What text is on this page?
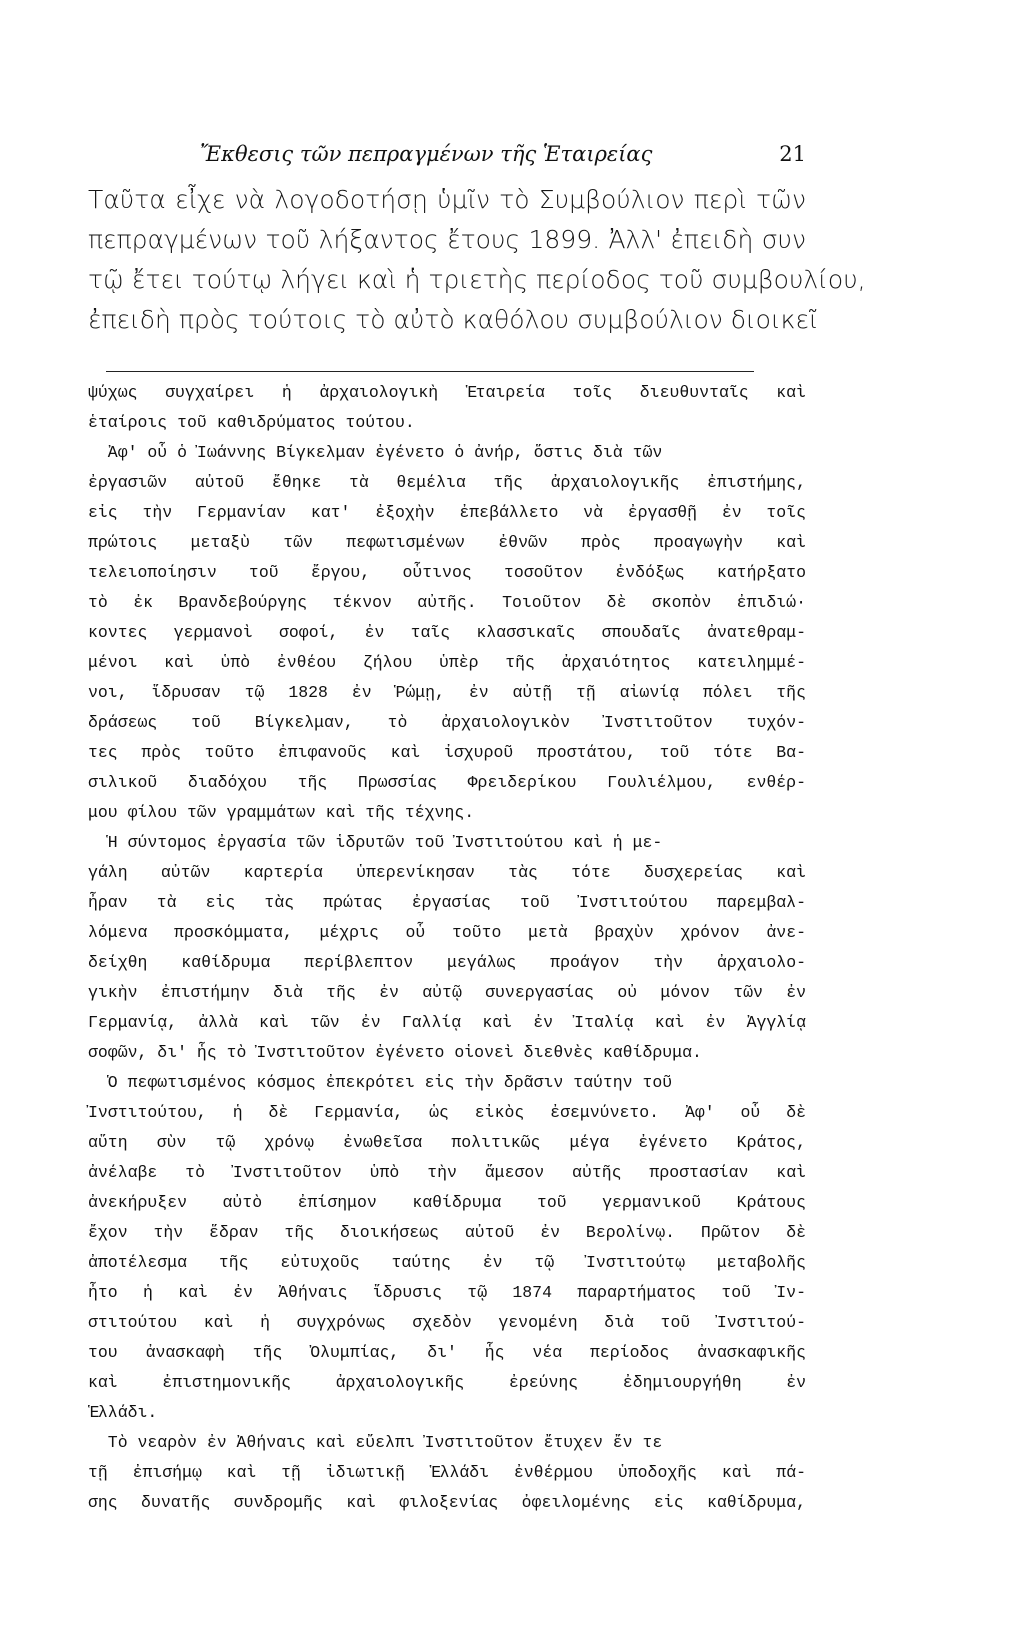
Ἔκθεσις τῶν πεπραγμένων τῆς Ἑταιρείας	21
Ταῦτα εἶχε νὰ λογοδοτήσῃ ὑμῖν τὸ Συμβούλιον περὶ τῶν
πεπραγμένων τοῦ λήξαντος ἔτους 1899. Ἀλλ' ἐπειδὴ συν
τῷ ἔτει τούτῳ λήγει καὶ ἡ τριετὴς περίοδος τοῦ συμβουλίου,
ἐπειδὴ πρὸς τούτοις τὸ αὐτὸ καθόλου συμβούλιον διοικεῖ
ψύχως συγχαίρει ἡ ἀρχαιολογικὴ Ἑταιρεία τοῖς διευθυνταῖς καὶ
ἑταίροις τοῦ καθιδρύματος τούτου.
Ἀφ' οὗ ὁ Ἰωάννης Βίγκελμαν ἐγένετο ὁ ἀνήρ, ὅστις διὰ τῶν
ἐργασιῶν αὐτοῦ ἔθηκε τὰ θεμέλια τῆς ἀρχαιολογικῆς ἐπιστήμης,
εἰς τὴν Γερμανίαν κατ' ἐξοχὴν ἐπεβάλλετο νὰ ἐργασθῇ ἐν τοῖς
πρώτοις μεταξὺ τῶν πεφωτισμένων ἐθνῶν πρὸς προαγωγὴν καὶ
τελειοποίησιν τοῦ ἔργου, οὗτινος τοσοῦτον ἐνδόξως κατήρξατο
τὸ ἐκ Βρανδεβούργης τέκνον αὐτῆς. Τοιοῦτον δὲ σκοπὸν ἐπιδιώ·
κοντες γερμανοὶ σοφοί, ἐν ταῖς κλασσικαῖς σπουδαῖς ἀνατεθραμ-
μένοι καὶ ὑπὸ ἐνθέου ζήλου ὑπὲρ τῆς ἀρχαιότητος κατειλημμέ-
νοι, ἵδρυσαν τῷ 1828 ἐν Ῥώμῃ, ἐν αὐτῇ τῇ αἰωνίᾳ πόλει τῆς
δράσεως τοῦ Βίγκελμαν, τὸ ἀρχαιολογικὸν Ἰνστιτοῦτον τυχόν-
τες πρὸς τοῦτο ἐπιφανοῦς καὶ ἰσχυροῦ προστάτου, τοῦ τότε Βα-
σιλικοῦ διαδόχου τῆς Πρωσσίας Φρειδερίκου Γουλιέλμου, ενθέρ-
μου φίλου τῶν γραμμάτων καὶ τῆς τέχνης.
Ἡ σύντομος ἐργασία τῶν ἱδρυτῶν τοῦ Ἰνστιτούτου καὶ ἡ με-
γάλη αὐτῶν καρτερία ὑπερενίκησαν τὰς τότε δυσχερείας καὶ
ἦραν τὰ εἰς τὰς πρώτας ἐργασίας τοῦ Ἰνστιτούτου παρεμβαλ-
λόμενα προσκόμματα, μέχρις οὗ τοῦτο μετὰ βραχὺν χρόνον ἀνε-
δείχθη καθίδρυμα περίβλεπτον μεγάλως προάγον τὴν ἀρχαιολο-
γικὴν ἐπιστήμην διὰ τῆς ἐν αὐτῷ συνεργασίας οὐ μόνον τῶν ἐν
Γερμανίᾳ, ἀλλὰ καὶ τῶν ἐν Γαλλίᾳ καὶ ἐν Ἰταλίᾳ καὶ ἐν Ἀγγλίᾳ
σοφῶν, δι' ἧς τὸ Ἰνστιτοῦτον ἐγένετο οἱονεὶ διεθνὲς καθίδρυμα.
Ὁ πεφωτισμένος κόσμος ἐπεκρότει εἰς τὴν δρᾶσιν ταύτην τοῦ
Ἰνστιτούτου, ἡ δὲ Γερμανία, ὡς εἰκὸς ἐσεμνύνετο. Ἀφ' οὗ δὲ
αὕτη σὺν τῷ χρόνῳ ἐνωθεῖσα πολιτικῶς μέγα ἐγένετο Κράτος,
ἀνέλαβε τὸ Ἰνστιτοῦτον ὑπὸ τὴν ἄμεσον αὐτῆς προστασίαν καὶ
ἀνεκήρυξεν αὐτὸ ἐπίσημον καθίδρυμα τοῦ γερμανικοῦ Κράτους
ἔχον τὴν ἕδραν τῆς διοικήσεως αὐτοῦ ἐν Βερολίνῳ. Πρῶτον δὲ
ἀποτέλεσμα τῆς εὐτυχοῦς ταύτης ἐν τῷ Ἰνστιτούτῳ μεταβολῆς
ἦτο ἡ καὶ ἐν Ἀθήναις ἵδρυσις τῷ 1874 παραρτήματος τοῦ Ἰν-
στιτούτου καὶ ἡ συγχρόνως σχεδὸν γενομένη διὰ τοῦ Ἰνστιτού-
του ἀνασκαφὴ τῆς Ὀλυμπίας, δι' ἧς νέα περίοδος ἀνασκαφικῆς
καὶ ἐπιστημονικῆς ἀρχαιολογικῆς ἐρεύνης ἐδημιουργήθη ἐν
Ἑλλάδι.
Τὸ νεαρὸν ἐν Ἀθήναις καὶ εὔελπι Ἰνστιτοῦτον ἔτυχεν ἔν τε
τῇ ἐπισήμῳ καὶ τῇ ἰδιωτικῇ Ἑλλάδι ἐνθέρμου ὑποδοχῆς καὶ πά-
σης δυνατῆς συνδρομῆς καὶ φιλοξενίας ὀφειλομένης εἰς καθίδρυμα,
